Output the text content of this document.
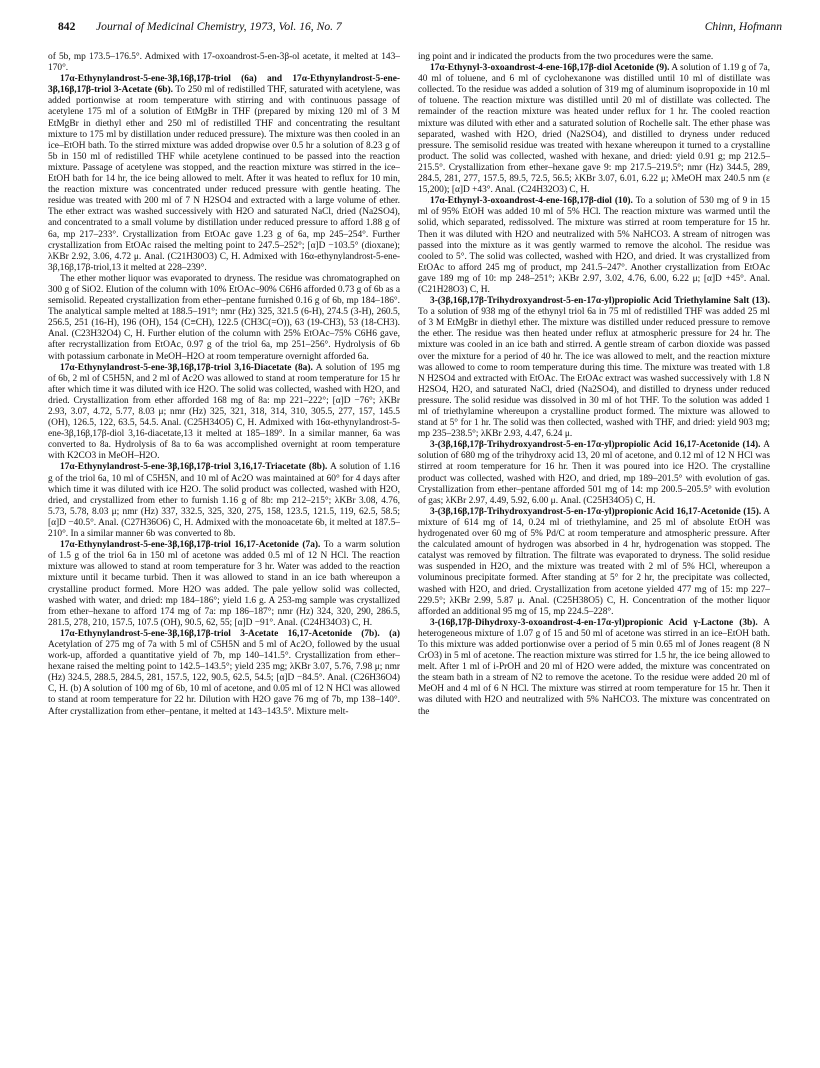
842	Journal of Medicinal Chemistry, 1973, Vol. 16, No. 7	Chinn, Hofmann

of 5b, mp 173.5–176.5°. Admixed with 17-oxoandrost-5-en-3β-ol acetate, it melted at 143–170°.

17α-Ethynylandrost-5-ene-3β,16β,17β-triol (6a) and 17α-Ethynylandrost-5-ene-3β,16β,17β-triol 3-Acetate (6b). To 250 ml of redistilled THF, saturated with acetylene, was added portionwise at room temperature with stirring and with continuous passage of acetylene 175 ml of a solution of EtMgBr in THF (prepared by mixing 120 ml of 3 M EtMgBr in diethyl ether and 250 ml of redistilled THF and concentrating the resultant mixture to 175 ml by distillation under reduced pressure). The mixture was then cooled in an ice–EtOH bath. To the stirred mixture was added dropwise over 0.5 hr a solution of 8.23 g of 5b in 150 ml of redistilled THF while acetylene continued to be passed into the reaction mixture. Passage of acetylene was stopped, and the reaction mixture was stirred in the ice–EtOH bath for 14 hr, the ice being allowed to melt. After it was heated to reflux for 10 min, the reaction mixture was concentrated under reduced pressure with gentle heating. The residue was treated with 200 ml of 7 N H2SO4 and extracted with a large volume of ether. The ether extract was washed successively with H2O and saturated NaCl, dried (Na2SO4), and concentrated to a small volume by distillation under reduced pressure to afford 1.88 g of 6a, mp 217–233°. Crystallization from EtOAc gave 1.23 g of 6a, mp 245–254°. Further crystallization from EtOAc raised the melting point to 247.5–252°; [α]D −103.5° (dioxane); λKBr 2.92, 3.06, 4.72 μ. Anal. (C21H30O3) C, H. Admixed with 16α-ethynylandrost-5-ene-3β,16β,17β-triol,13 it melted at 228–239°.

The ether mother liquor was evaporated to dryness. The residue was chromatographed on 300 g of SiO2. Elution of the column with 10% EtOAc–90% C6H6 afforded 0.73 g of 6b as a semisolid. Repeated crystallization from ether–pentane furnished 0.16 g of 6b, mp 184–186°. The analytical sample melted at 188.5–191°; nmr (Hz) 325, 321.5 (6-H), 274.5 (3-H), 260.5, 256.5, 251 (16-H), 196 (OH), 154 (C≡CH), 122.5 (CH3C(=O)), 63 (19-CH3), 53 (18-CH3). Anal. (C23H32O4) C, H. Further elution of the column with 25% EtOAc–75% C6H6 gave, after recrystallization from EtOAc, 0.97 g of the triol 6a, mp 251–256°. Hydrolysis of 6b with potassium carbonate in MeOH–H2O at room temperature overnight afforded 6a.

17α-Ethynylandrost-5-ene-3β,16β,17β-triol 3,16-Diacetate (8a). A solution of 195 mg of 6b, 2 ml of C5H5N, and 2 ml of Ac2O was allowed to stand at room temperature for 15 hr after which time it was diluted with ice H2O. The solid was collected, washed with H2O, and dried. Crystallization from ether afforded 168 mg of 8a: mp 221–222°; [α]D −76°; λKBr 2.93, 3.07, 4.72, 5.77, 8.03 μ; nmr (Hz) 325, 321, 318, 314, 310, 305.5, 277, 157, 145.5 (OH), 126.5, 122, 63.5, 54.5. Anal. (C25H34O5) C, H. Admixed with 16α-ethynylandrost-5-ene-3β,16β,17β-diol 3,16-diacetate,13 it melted at 185–189°. In a similar manner, 6a was converted to 8a. Hydrolysis of 8a to 6a was accomplished overnight at room temperature with K2CO3 in MeOH–H2O.

17α-Ethynylandrost-5-ene-3β,16β,17β-triol 3,16,17-Triacetate (8b). A solution of 1.16 g of the triol 6a, 10 ml of C5H5N, and 10 ml of Ac2O was maintained at 60° for 4 days after which time it was diluted with ice H2O. The solid product was collected, washed with H2O, dried, and crystallized from ether to furnish 1.16 g of 8b: mp 212–215°; λKBr 3.08, 4.76, 5.73, 5.78, 8.03 μ; nmr (Hz) 337, 332.5, 325, 320, 275, 158, 123.5, 121.5, 119, 62.5, 58.5; [α]D −40.5°. Anal. (C27H36O6) C, H. Admixed with the monoacetate 6b, it melted at 187.5–210°. In a similar manner 6b was converted to 8b.

17α-Ethynylandrost-5-ene-3β,16β,17β-triol 16,17-Acetonide (7a). To a warm solution of 1.5 g of the triol 6a in 150 ml of acetone was added 0.5 ml of 12 N HCl. The reaction mixture was allowed to stand at room temperature for 3 hr. Water was added to the reaction mixture until it became turbid. Then it was allowed to stand in an ice bath whereupon a crystalline product formed. More H2O was added. The pale yellow solid was collected, washed with water, and dried: mp 184–186°; yield 1.6 g. A 253-mg sample was crystallized from ether–hexane to afford 174 mg of 7a: mp 186–187°; nmr (Hz) 324, 320, 290, 286.5, 281.5, 278, 210, 157.5, 107.5 (OH), 90.5, 62, 55; [α]D −91°. Anal. (C24H34O3) C, H.

17α-Ethynylandrost-5-ene-3β,16β,17β-triol 3-Acetate 16,17-Acetonide (7b). (a) Acetylation of 275 mg of 7a with 5 ml of C5H5N and 5 ml of Ac2O, followed by the usual work-up, afforded a quantitative yield of 7b, mp 140–141.5°. Crystallization from ether–hexane raised the melting point to 142.5–143.5°; yield 235 mg; λKBr 3.07, 5.76, 7.98 μ; nmr (Hz) 324.5, 288.5, 284.5, 281, 157.5, 122, 90.5, 62.5, 54.5; [α]D −84.5°. Anal. (C26H36O4) C, H. (b) A solution of 100 mg of 6b, 10 ml of acetone, and 0.05 ml of 12 N HCl was allowed to stand at room temperature for 22 hr. Dilution with H2O gave 76 mg of 7b, mp 138–140°. After crystallization from ether–pentane, it melted at 143–143.5°. Mixture melt-

ing point and ir indicated the products from the two procedures were the same.

17α-Ethynyl-3-oxoandrost-4-ene-16β,17β-diol Acetonide (9). A solution of 1.19 g of 7a, 40 ml of toluene, and 6 ml of cyclohexanone was distilled until 10 ml of distillate was collected. To the residue was added a solution of 319 mg of aluminum isopropoxide in 10 ml of toluene. The reaction mixture was distilled until 20 ml of distillate was collected. The remainder of the reaction mixture was heated under reflux for 1 hr. The cooled reaction mixture was diluted with ether and a saturated solution of Rochelle salt. The ether phase was separated, washed with H2O, dried (Na2SO4), and distilled to dryness under reduced pressure. The semisolid residue was treated with hexane whereupon it turned to a crystalline product. The solid was collected, washed with hexane, and dried: yield 0.91 g; mp 212.5–215.5°. Crystallization from ether–hexane gave 9: mp 217.5–219.5°; nmr (Hz) 344.5, 289, 284.5, 281, 277, 157.5, 89.5, 72.5, 56.5; λKBr 3.07, 6.01, 6.22 μ; λMeOH max 240.5 nm (ε 15,200); [α]D +43°. Anal. (C24H32O3) C, H.

17α-Ethynyl-3-oxoandrost-4-ene-16β,17β-diol (10). To a solution of 530 mg of 9 in 15 ml of 95% EtOH was added 10 ml of 5% HCl. The reaction mixture was warmed until the solid, which separated, redissolved. The mixture was stirred at room temperature for 15 hr. Then it was diluted with H2O and neutralized with 5% NaHCO3. A stream of nitrogen was passed into the mixture as it was gently warmed to remove the alcohol. The residue was cooled to 5°. The solid was collected, washed with H2O, and dried. It was crystallized from EtOAc to afford 245 mg of product, mp 241.5–247°. Another crystallization from EtOAc gave 189 mg of 10: mp 248–251°; λKBr 2.97, 3.02, 4.76, 6.00, 6.22 μ; [α]D +45°. Anal. (C21H28O3) C, H.

3-(3β,16β,17β-Trihydroxyandrost-5-en-17α-yl)propiolic Acid Triethylamine Salt (13). To a solution of 938 mg of the ethynyl triol 6a in 75 ml of redistilled THF was added 25 ml of 3 M EtMgBr in diethyl ether. The mixture was distilled under reduced pressure to remove the ether. The residue was then heated under reflux at atmospheric pressure for 24 hr. The mixture was cooled in an ice bath and stirred. A gentle stream of carbon dioxide was passed over the mixture for a period of 40 hr. The ice was allowed to melt, and the reaction mixture was allowed to come to room temperature during this time. The mixture was treated with 1.8 N H2SO4 and extracted with EtOAc. The EtOAc extract was washed successively with 1.8 N H2SO4, H2O, and saturated NaCl, dried (Na2SO4), and distilled to dryness under reduced pressure. The solid residue was dissolved in 30 ml of hot THF. To the solution was added 1 ml of triethylamine whereupon a crystalline product formed. The mixture was allowed to stand at 5° for 1 hr. The solid was then collected, washed with THF, and dried: yield 903 mg; mp 235–238.5°; λKBr 2.93, 4.47, 6.24 μ.

3-(3β,16β,17β-Trihydroxyandrost-5-en-17α-yl)propiolic Acid 16,17-Acetonide (14). A solution of 680 mg of the trihydroxy acid 13, 20 ml of acetone, and 0.12 ml of 12 N HCl was stirred at room temperature for 16 hr. Then it was poured into ice H2O. The crystalline product was collected, washed with H2O, and dried, mp 189–201.5° with evolution of gas. Crystallization from ether–pentane afforded 501 mg of 14: mp 200.5–205.5° with evolution of gas; λKBr 2.97, 4.49, 5.92, 6.00 μ. Anal. (C25H34O5) C, H.

3-(3β,16β,17β-Trihydroxyandrost-5-en-17α-yl)propionic Acid 16,17-Acetonide (15). A mixture of 614 mg of 14, 0.24 ml of triethylamine, and 25 ml of absolute EtOH was hydrogenated over 60 mg of 5% Pd/C at room temperature and atmospheric pressure. After the calculated amount of hydrogen was absorbed in 4 hr, hydrogenation was stopped. The catalyst was removed by filtration. The filtrate was evaporated to dryness. The solid residue was suspended in H2O, and the mixture was treated with 2 ml of 5% HCl, whereupon a voluminous precipitate formed. After standing at 5° for 2 hr, the precipitate was collected, washed with H2O, and dried. Crystallization from acetone yielded 477 mg of 15: mp 227–229.5°; λKBr 2.99, 5.87 μ. Anal. (C25H38O5) C, H. Concentration of the mother liquor afforded an additional 95 mg of 15, mp 224.5–228°.

3-(16β,17β-Dihydroxy-3-oxoandrost-4-en-17α-yl)propionic Acid γ-Lactone (3b). A heterogeneous mixture of 1.07 g of 15 and 50 ml of acetone was stirred in an ice–EtOH bath. To this mixture was added portionwise over a period of 5 min 0.65 ml of Jones reagent (8 N CrO3) in 5 ml of acetone. The reaction mixture was stirred for 1.5 hr, the ice being allowed to melt. After 1 ml of i-PrOH and 20 ml of H2O were added, the mixture was concentrated on the steam bath in a stream of N2 to remove the acetone. To the residue were added 20 ml of MeOH and 4 ml of 6 N HCl. The mixture was stirred at room temperature for 15 hr. Then it was diluted with H2O and neutralized with 5% NaHCO3. The mixture was concentrated on the
